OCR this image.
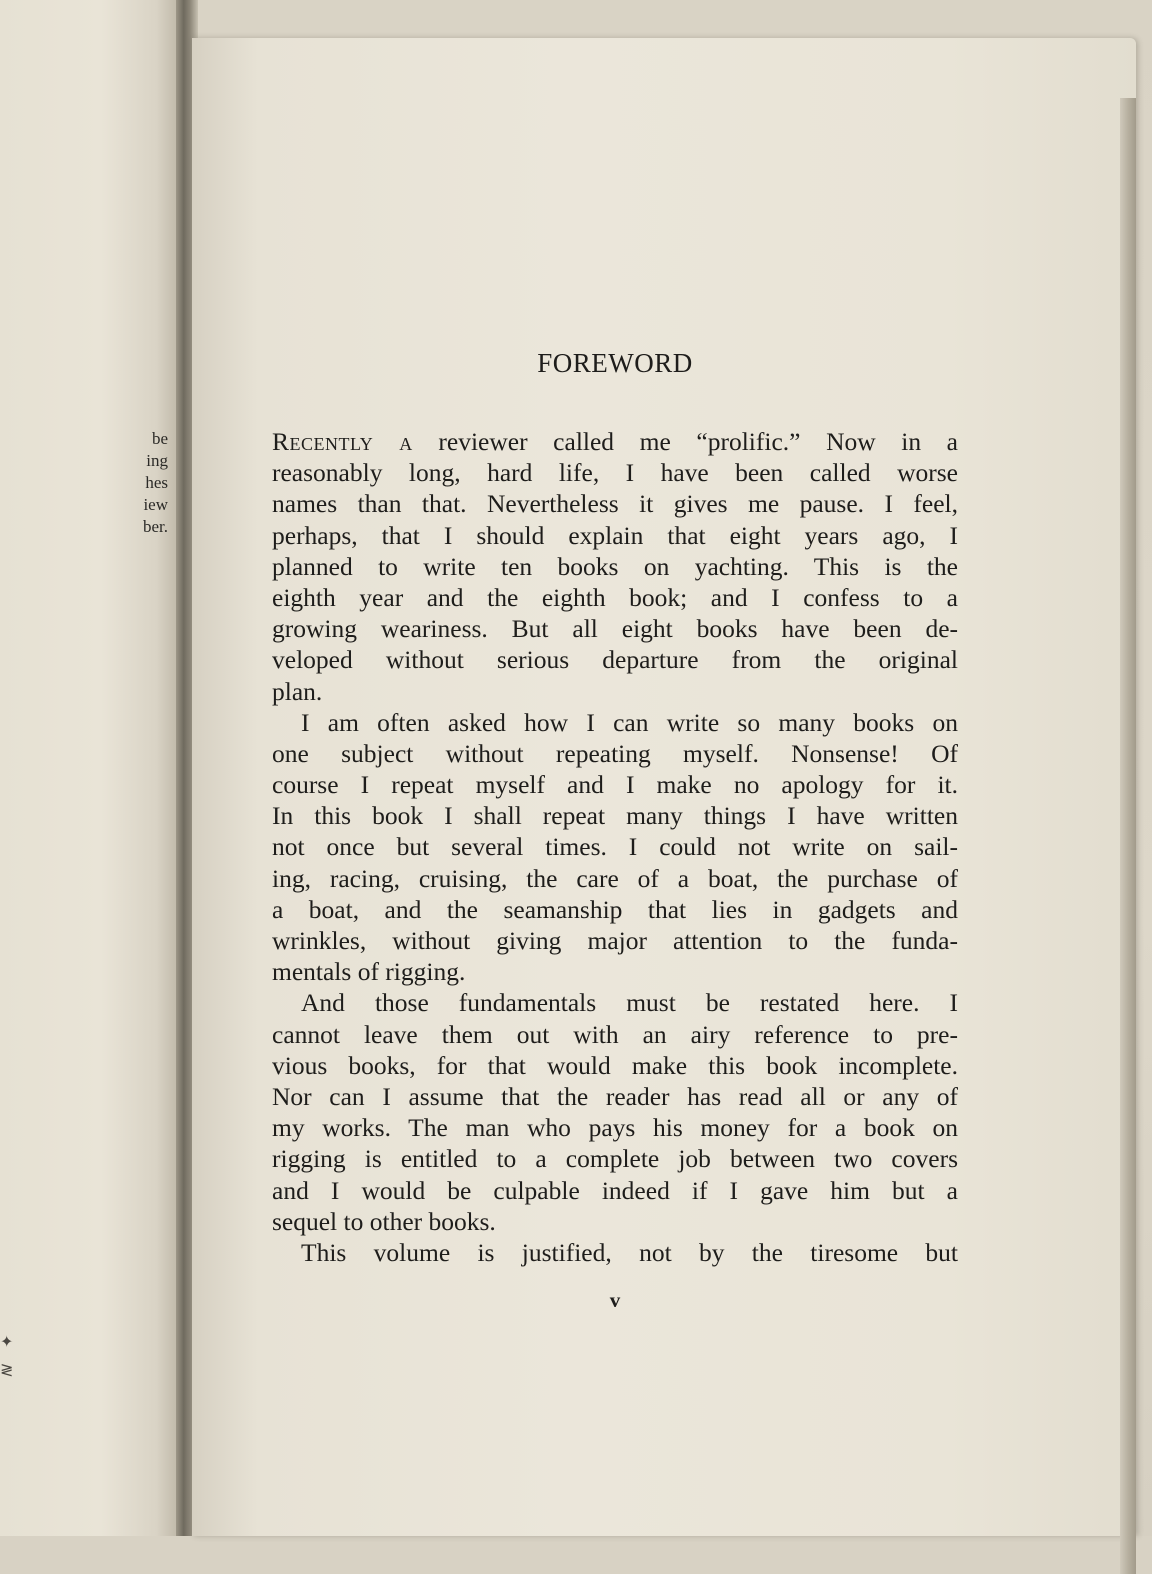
be
ing
hes
iew
ber.
✦
≷
FOREWORD
Recently a reviewer called me “prolific.” Now in a
reasonably long, hard life, I have been called worse
names than that. Nevertheless it gives me pause. I feel,
perhaps, that I should explain that eight years ago, I
planned to write ten books on yachting. This is the
eighth year and the eighth book; and I confess to a
growing weariness. But all eight books have been de-
veloped without serious departure from the original
plan.
I am often asked how I can write so many books on
one subject without repeating myself. Nonsense! Of
course I repeat myself and I make no apology for it.
In this book I shall repeat many things I have written
not once but several times. I could not write on sail-
ing, racing, cruising, the care of a boat, the purchase of
a boat, and the seamanship that lies in gadgets and
wrinkles, without giving major attention to the funda-
mentals of rigging.
And those fundamentals must be restated here. I
cannot leave them out with an airy reference to pre-
vious books, for that would make this book incomplete.
Nor can I assume that the reader has read all or any of
my works. The man who pays his money for a book on
rigging is entitled to a complete job between two covers
and I would be culpable indeed if I gave him but a
sequel to other books.
This volume is justified, not by the tiresome but
v
